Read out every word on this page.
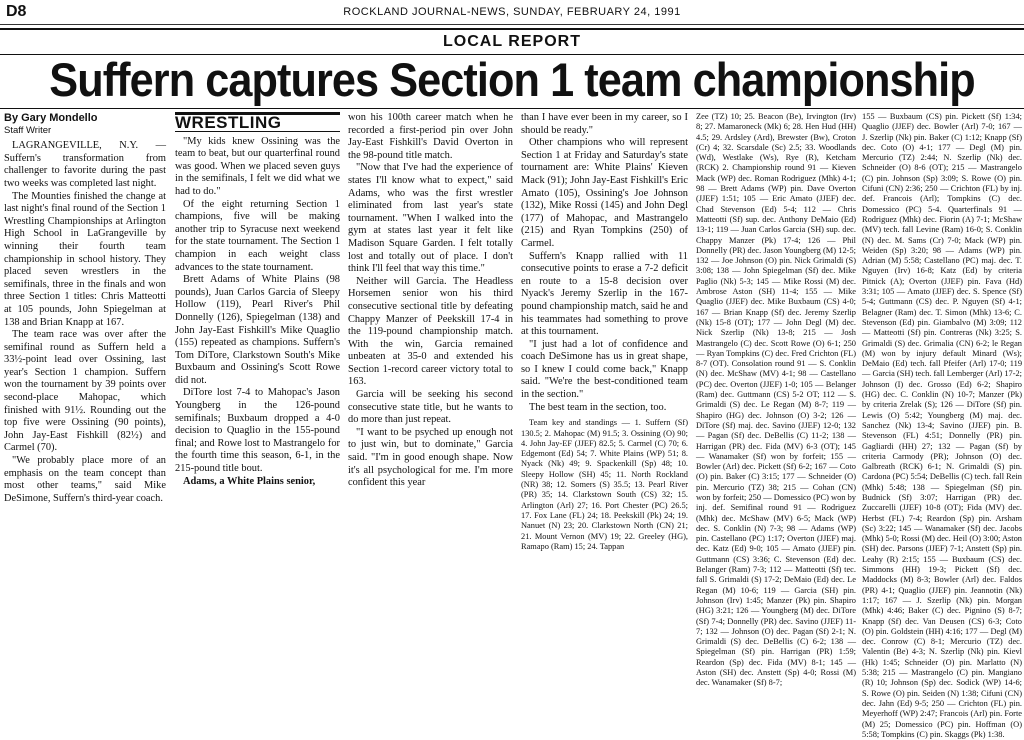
D8	ROCKLAND JOURNAL-NEWS, SUNDAY, FEBRUARY 24, 1991
LOCAL REPORT
Suffern captures Section 1 team championship

By Gary Mondello

Staff Writer

LAGRANGEVILLE, N.Y. — Suffern's transformation from challenger to favorite during the past two weeks was completed last night.

The Mounties finished the change at last night's final round of the Section 1 Wrestling Championships at Arlington High School in LaGrangeville by winning their fourth team championship in school history. They placed seven wrestlers in the semifinals, three in the finals and won three Section 1 titles: Chris Matteotti at 105 pounds, John Spiegelman at 138 and Brian Knapp at 167.

The team race was over after the semifinal round as Suffern held a 33½-point lead over Ossining, last year's Section 1 champion. Suffern won the tournament by 39 points over second-place Mahopac, which finished with 91½. Rounding out the top five were Ossining (90 points), John Jay-East Fishkill (82½) and Carmel (70).

"We probably place more of an emphasis on the team concept than most other teams," said Mike DeSimone, Suffern's third-year coach.

WRESTLING

"My kids knew Ossining was the team to beat, but our quarterfinal round was good. When we placed seven guys in the semifinals, I felt we did what we had to do."

Of the eight returning Section 1 champions, five will be making another trip to Syracuse next weekend for the state tournament. The Section 1 champion in each weight class advances to the state tournament.

Brett Adams of White Plains (98 pounds), Juan Carlos Garcia of Sleepy Hollow (119), Pearl River's Phil Donnelly (126), Spiegelman (138) and John Jay-East Fishkill's Mike Quaglio (155) repeated as champions. Suffern's Tom DiTore, Clarkstown South's Mike Buxbaum and Ossining's Scott Rowe did not.

DiTore lost 7-4 to Mahopac's Jason Youngberg in the 126-pound semifinals; Buxbaum dropped a 4-0 decision to Quaglio in the 155-pound final; and Rowe lost to Mastrangelo for the fourth time this season, 6-1, in the 215-pound title bout.

Adams, a White Plains senior,

won his 100th career match when he recorded a first-period pin over John Jay-East Fishkill's David Overton in the 98-pound title match.

"Now that I've had the experience of states I'll know what to expect," said Adams, who was the first wrestler eliminated from last year's state tournament. "When I walked into the gym at states last year it felt like Madison Square Garden. I felt totally lost and totally out of place. I don't think I'll feel that way this time."

Neither will Garcia. The Headless Horsemen senior won his third consecutive sectional title by defeating Chappy Manzer of Peekskill 17-4 in the 119-pound championship match. With the win, Garcia remained unbeaten at 35-0 and extended his Section 1-record career victory total to 163.

Garcia will be seeking his second consecutive state title, but he wants to do more than just repeat.

"I want to be psyched up enough not to just win, but to dominate," Garcia said. "I'm in good enough shape. Now it's all psychological for me. I'm more confident this year

than I have ever been in my career, so I should be ready."

Other champions who will represent Section 1 at Friday and Saturday's state tournament are: White Plains' Kieven Mack (91); John Jay-East Fishkill's Eric Amato (105), Ossining's Joe Johnson (132), Mike Rossi (145) and John Degl (177) of Mahopac, and Mastrangelo (215) and Ryan Tompkins (250) of Carmel.

Suffern's Knapp rallied with 11 consecutive points to erase a 7-2 deficit en route to a 15-8 decision over Nyack's Jeremy Szerlip in the 167-pound championship match, said he and his teammates had something to prove at this tournament.

"I just had a lot of confidence and coach DeSimone has us in great shape, so I knew I could come back," Knapp said. "We're the best-conditioned team in the section."

The best team in the section, too.

Team key and standings — 1. Suffern (Sf) 130.5; 2. Mahopac (M) 91.5; 3. Ossining (O) 90; 4. John Jay-EF (JJEF) 82.5; 5. Carmel (C) 70; 6. Edgemont (Ed) 54; 7. White Plains (WP) 51; 8. Nyack (Nk) 49; 9. Spackenkill (Sp) 48; 10. Sleepy Hollow (SH) 45; 11. North Rockland (NR) 38; 12. Somers (S) 35.5; 13. Pearl River (PR) 35; 14. Clarkstown South (CS) 32; 15. Arlington (Arl) 27; 16. Port Chester (PC) 26.5; 17. Fox Lane (FL) 24; 18. Peekskill (Pk) 24; 19. Nanuet (N) 23; 20. Clarkstown North (CN) 21; 21. Mount Vernon (MV) 19; 22. Greeley (HG), Ramapo (Ram) 15; 24. Tappan

Zee (TZ) 10; 25. Beacon (Be), Irvington (Irv) 8; 27. Mamaroneck (Mk) 6; 28. Hen Hud (HH) 4.5; 29. Ardsley (Ard), Brewster (Bw), Croton (Cr) 4; 32. Scarsdale (Sc) 2.5; 33. Woodlands (Wd), Westlake (Ws), Rye (R), Ketcham (RCK) 2. Championship round 91 — Kieven Mack (WP) dec. Roman Rodriguez (Mhk) 4-1; 98 — Brett Adams (WP) pin. Dave Overton (JJEF) 1:51; 105 — Eric Amato (JJEF) dec. Chad Stevenson (Ed) 5-4; 112 — Chris Matteotti (Sf) sup. dec. Anthony DeMaio (Ed) 13-1; 119 — Juan Carlos Garcia (SH) sup. dec. Chappy Manzer (Pk) 17-4; 126 — Phil Donnelly (PR) dec. Jason Youngberg (M) 12-5; 132 — Joe Johnson (O) pin. Nick Grimaldi (S) 3:08; 138 — John Spiegelman (Sf) dec. Mike Paglio (Nk) 5-3; 145 — Mike Rossi (M) dec. Ambrose Aston (SH) 11-4; 155 — Mike Quaglio (JJEF) dec. Mike Buxbaum (CS) 4-0; 167 — Brian Knapp (Sf) dec. Jeremy Szerlip (Nk) 15-8 (OT); 177 — John Degl (M) dec. Nick Szerlip (Nk) 13-8; 215 — Josh Mastrangelo (C) dec. Scott Rowe (O) 6-1; 250 — Ryan Tompkins (C) dec. Fred Crichton (FL) 8-7 (OT). Consolation round 91 — S. Conklin (N) dec. McShaw (MV) 4-1; 98 — Castellano (PC) dec. Overton (JJEF) 1-0; 105 — Belanger (Ram) dec. Guttmann (CS) 5-2 OT; 112 — S. Grimaldi (S) dec. Le Regan (M) 8-7; 119 — Shapiro (HG) dec. Johnson (O) 3-2; 126 — DiTore (Sf) maj. dec. Savino (JJEF) 12-0; 132 — Pagan (Sf) dec. DeBellis (C) 11-2; 138 — Harrigan (PR) dec. Fida (MV) 6-3 (OT); 145 — Wanamaker (Sf) won by forfeit; 155 — Bowler (Arl) dec. Pickett (Sf) 6-2; 167 — Coto (O) pin. Baker (C) 3:15; 177 — Schneider (O) pin. Mercurio (TZ) 38; 215 — Cohan (CN) won by forfeit; 250 — Domessico (PC) won by inj. def. Semifinal round 91 — Rodriguez (Mhk) dec. McShaw (MV) 6-5; Mack (WP) dec. S. Conklin (N) 7-3; 98 — Adams (WP) pin. Castellano (PC) 1:17; Overton (JJEF) maj. dec. Katz (Ed) 9-0; 105 — Amato (JJEF) pin. Guttmann (CS) 3:36; C. Stevenson (Ed) dec. Belanger (Ram) 7-3; 112 — Matteotti (Sf) tec. fall S. Grimaldi (S) 17-2; DeMaio (Ed) dec. Le Regan (M) 10-6; 119 — Garcia (SH) pin. Johnson (Irv) 1:45; Manzer (Pk) pin. Shapiro (HG) 3:21; 126 — Youngberg (M) dec. DiTore (Sf) 7-4; Donnelly (PR) dec. Savino (JJEF) 11-7; 132 — Johnson (O) dec. Pagan (Sf) 2-1; N. Grimaldi (S) dec. DeBellis (C) 6-2; 138 — Spiegelman (Sf) pin. Harrigan (PR) 1:59; Reardon (Sp) dec. Fida (MV) 8-1; 145 — Aston (SH) dec. Anstett (Sp) 4-0; Rossi (M) dec. Wanamaker (Sf) 8-7;

155 — Buxbaum (CS) pin. Pickett (Sf) 1:34; Quaglio (JJEF) dec. Bowler (Arl) 7-0; 167 — J. Szerlip (Nk) pin. Baker (C) 1:12; Knapp (Sf) dec. Coto (O) 4-1; 177 — Degl (M) pin. Mercurio (TZ) 2:44; N. Szerlip (Nk) dec. Schneider (O) 8-6 (OT); 215 — Mastrangelo (C) pin. Johnson (Sp) 3:09; S. Rowe (O) pin. Cifuni (CN) 2:36; 250 — Crichton (FL) by inj. def. Francois (Arl); Tompkins (C) dec. Domessico (PC) 5-4. Quarterfinals 91 — Rodriguez (Mhk) dec. Fiorin (A) 7-1; McShaw (MV) tech. fall Levine (Ram) 16-0; S. Conklin (N) dec. M. Sams (Cr) 7-0; Mack (WP) pin. Weiden (Sp) 3:20; 98 — Adams (WP) pin. Adrian (M) 5:58; Castellano (PC) maj. dec. T. Nguyen (Irv) 16-8; Katz (Ed) by criteria Pitnick (A); Overton (JJEF) pin. Fava (Hd) 3:31; 105 — Amato (JJEF) dec. S. Spence (Sf) 5-4; Guttmann (CS) dec. P. Nguyen (Sf) 4-1; Belagner (Ram) dec. T. Simon (Mhk) 13-6; C. Stevenson (Ed) pin. Giambalvo (M) 3:09; 112 — Matteotti (Sf) pin. Contreras (Nk) 3:25; S. Grimaldi (S) dec. Grimalia (CN) 6-2; le Regan (M) won by injury default Minard (Ws); DeMaio (Ed) tech. fall Pfeifer (Arl) 17-0; 119 — Garcia (SH) tech. fall Lemberger (Arl) 17-2; Johnson (I) dec. Grosso (Ed) 6-2; Shapiro (HG) dec. C. Conklin (N) 10-7; Manzer (Pk) by criteria Zrelak (S); 126 — DiTore (Sf) pin. Lewis (O) 5:42; Youngberg (M) maj. dec. Sanchez (Nk) 13-4; Savino (JJEF) pin. B. Stevenson (FL) 4:51; Donnelly (PR) pin. Gagliardi (HH) 27; 132 — Pagan (Sf) by criteria Carmody (PR); Johnson (O) dec. Galbreath (RCK) 6-1; N. Grimaldi (S) pin. Cardona (PC) 5:54; DeBellis (C) tech. fall Rein (Mhk) 5:48; 138 — Spiegelman (Sf) pin. Budnick (Sf) 3:07; Harrigan (PR) dec. Zuccarelli (JJEF) 10-8 (OT); Fida (MV) dec. Herbst (FL) 7-4; Reardon (Sp) pin. Arsham (Sc) 3:22; 145 — Wanamaker (Sf) dec. Jacobs (Mhk) 5-0; Rossi (M) dec. Heil (O) 3:00; Aston (SH) dec. Parsons (JJEF) 7-1; Anstett (Sp) pin. Leahy (R) 2:15; 155 — Buxbaum (CS) dec. Simmons (HH) 19-3; Pickett (Sf) dec. Maddocks (M) 8-3; Bowler (Arl) dec. Faldos (PR) 4-1; Quaglio (JJEF) pin. Jeannotin (Nk) 1:17; 167 — J. Szerlip (Nk) pin. Morgan (Mhk) 4:46; Baker (C) dec. Pignino (S) 8-7; Knapp (Sf) dec. Van Deusen (CS) 6-3; Coto (O) pin. Goldstein (HH) 4:16; 177 — Degl (M) dec. Conrow (C) 8-1; Mercurio (TZ) dec. Valentin (Be) 4-3; N. Szerlip (Nk) pin. Kievl (Hk) 1:45; Schneider (O) pin. Marlatto (N) 5:38; 215 — Mastrangelo (C) pin. Mangiano (R) 10; Johnson (Sp) dec. Sodick (WP) 14-6; S. Rowe (O) pin. Seiden (N) 1:38; Cifuni (CN) dec. Jahn (Ed) 9-5; 250 — Crichton (FL) pin. Meyerhoff (WP) 2:47; Francois (Arl) pin. Forte (M) 25; Domessico (PC) pin. Hoffman (O) 5:58; Tompkins (C) pin. Skaggs (Pk) 1:38.
